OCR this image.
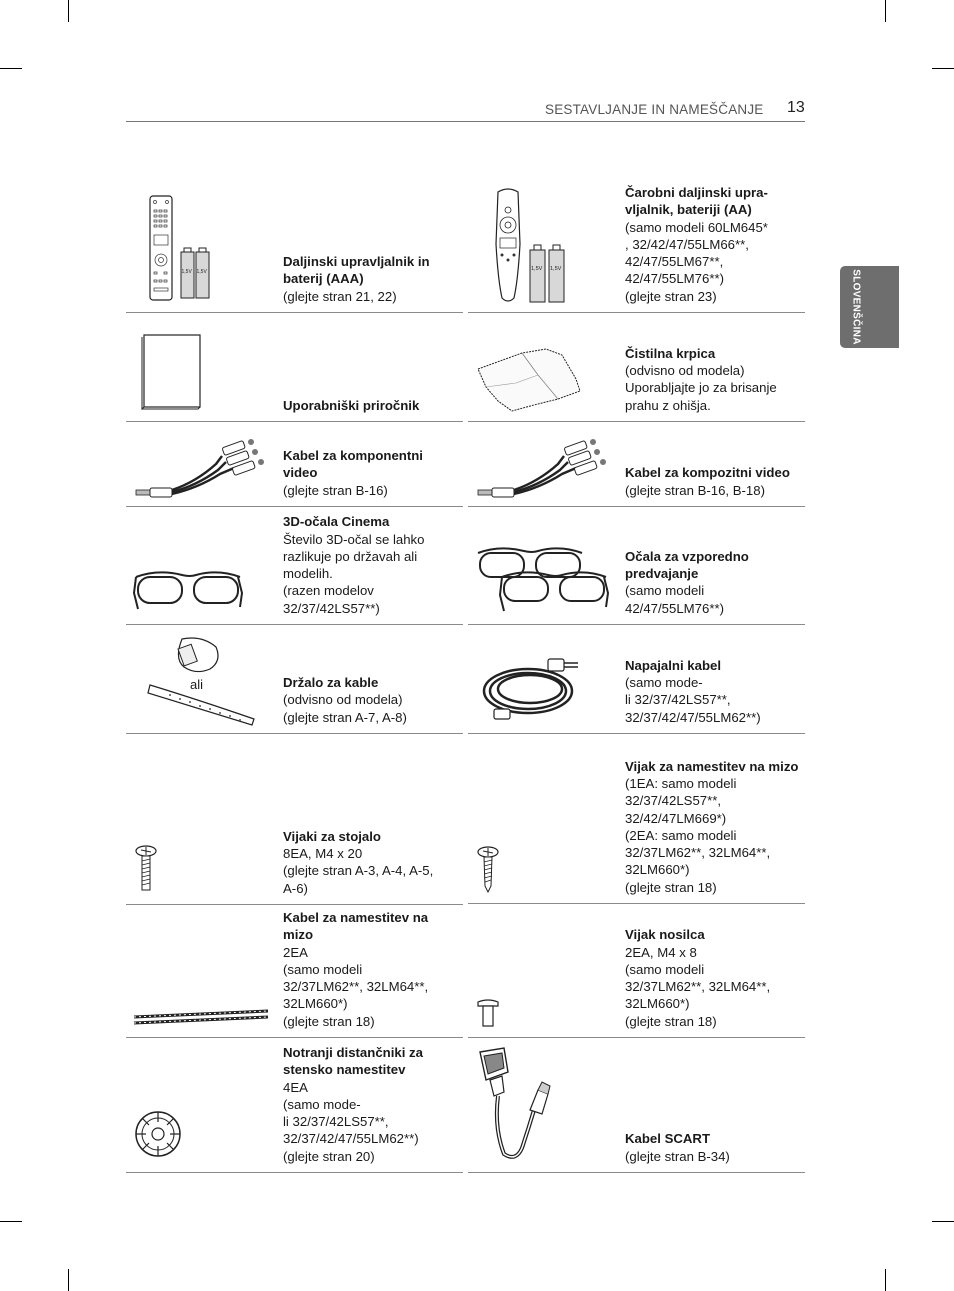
SESTAVLJANJE IN NAMEŠČANJE 13
SLOVENŠČINA
1,5V 1,5V
Daljinski upravljalnik in baterij (AAA)
(glejte stran 21, 22)
1,5V 1,5V
Čarobni daljinski upra-
vljalnik, bateriji (AA)
(samo modeli 60LM645*
, 32/42/47/55LM66**,
42/47/55LM67**,
42/47/55LM76**)
(glejte stran 23)
Uporabniški priročnik
Čistilna krpica
(odvisno od modela)
Uporabljajte jo za brisanje
prahu z ohišja.
Kabel za komponentni video
(glejte stran B-16)
Kabel za kompozitni video
(glejte stran B-16, B-18)
3D-očala Cinema
Število 3D-očal se lahko
razlikuje po državah ali
modelih.
(razen modelov
32/37/42LS57**)
Očala za vzporedno predvajanje
(samo modeli
42/47/55LM76**)
ali	Držalo za kable
(odvisno od modela)
(glejte stran A-7, A-8)
Napajalni kabel
(samo mode-
li 32/37/42LS57**,
32/37/42/47/55LM62**)
Vijaki za stojalo
8EA, M4 x 20
(glejte stran A-3, A-4, A-5,
A-6)
Vijak za namestitev na mizo
(1EA: samo modeli
32/37/42LS57**,
32/42/47LM669*)
(2EA: samo modeli
32/37LM62**, 32LM64**,
32LM660*)
(glejte stran 18)
Kabel za namestitev na mizo
2EA
(samo modeli
32/37LM62**, 32LM64**,
32LM660*)
(glejte stran 18)
Vijak nosilca
2EA, M4 x 8
(samo modeli
32/37LM62**, 32LM64**,
32LM660*)
(glejte stran 18)
Notranji distančniki za stensko namestitev
4EA
(samo mode-
li 32/37/42LS57**,
32/37/42/47/55LM62**)
(glejte stran 20)
Kabel SCART
(glejte stran B-34)
